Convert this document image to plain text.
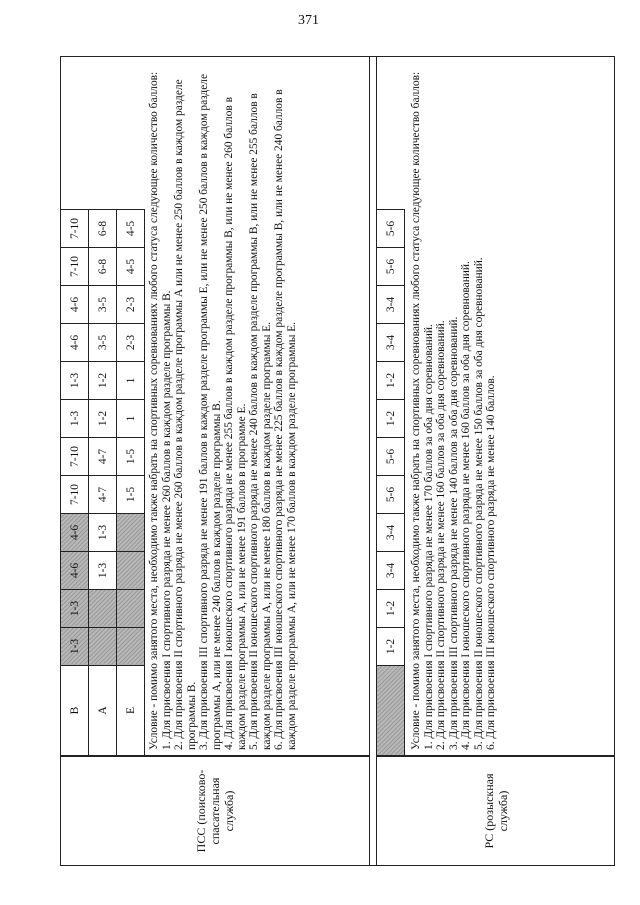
371
ПСС (поисково-спасательная служба)
В	1-3	1-3	4-6	4-6	7-10	7-10	1-3	1-3	4-6	4-6	7-10	7-10
А			1-3	1-3	4-7	4-7	1-2	1-2	3-5	3-5	6-8	6-8
Е					1-5	1-5	1	1	2-3	2-3	4-5	4-5 Условие - помимо занятого места, необходимо также набрать на спортивных соревнованиях любого статуса следующее количество баллов: 1. Для присвоения I спортивного разряда не менее 260 баллов в каждом разделе программы В. 2. Для присвоения II спортивного разряда не менее 260 баллов в каждом разделе программы А или не менее 250 баллов в каждом разделе программы В. 3. Для присвоения III спортивного разряда не менее 191 баллов в каждом разделе программы Е, или не менее 250 баллов в каждом разделе программы А, или не менее 240 баллов в каждом разделе программы В. 4. Для присвоения I юношеского спортивного разряда не менее 255 баллов в каждом разделе программы В, или не менее 260 баллов в каждом разделе программы А, или не менее 191 баллов в программе Е. 5. Для присвоения II юношеского спортивного разряда не менее 240 баллов в каждом разделе программы В, или не менее 255 баллов в каждом разделе программы А, или не менее 180 баллов в каждом разделе программы Е. 6. Для присвоения III юношеского спортивного разряда не менее 225 баллов в каждом разделе программы В, или не менее 240 баллов в каждом разделе программы А, или не менее 170 баллов в каждом разделе программы Е.

РС (розыскная служба)
	1-2	1-2	3-4	3-4	5-6	5-6	1-2	1-2	3-4	3-4	5-6	5-6 Условие - помимо занятого места, необходимо также набрать на спортивных соревнованиях любого статуса следующее количество баллов: 1. Для присвоения I спортивного разряда не менее 170 баллов за оба дня соревнований. 2. Для присвоения II спортивного разряда не менее 160 баллов за оба дня соревнований. 3. Для присвоения III спортивного разряда не менее 140 баллов за оба дня соревнований. 4. Для присвоения I юношеского спортивного разряда не менее 160 баллов за оба дня соревнований. 5. Для присвоения II юношеского спортивного разряда не менее 150 баллов за оба дня соревнований. 6. Для присвоения III юношеского спортивного разряда не менее 140 баллов.
